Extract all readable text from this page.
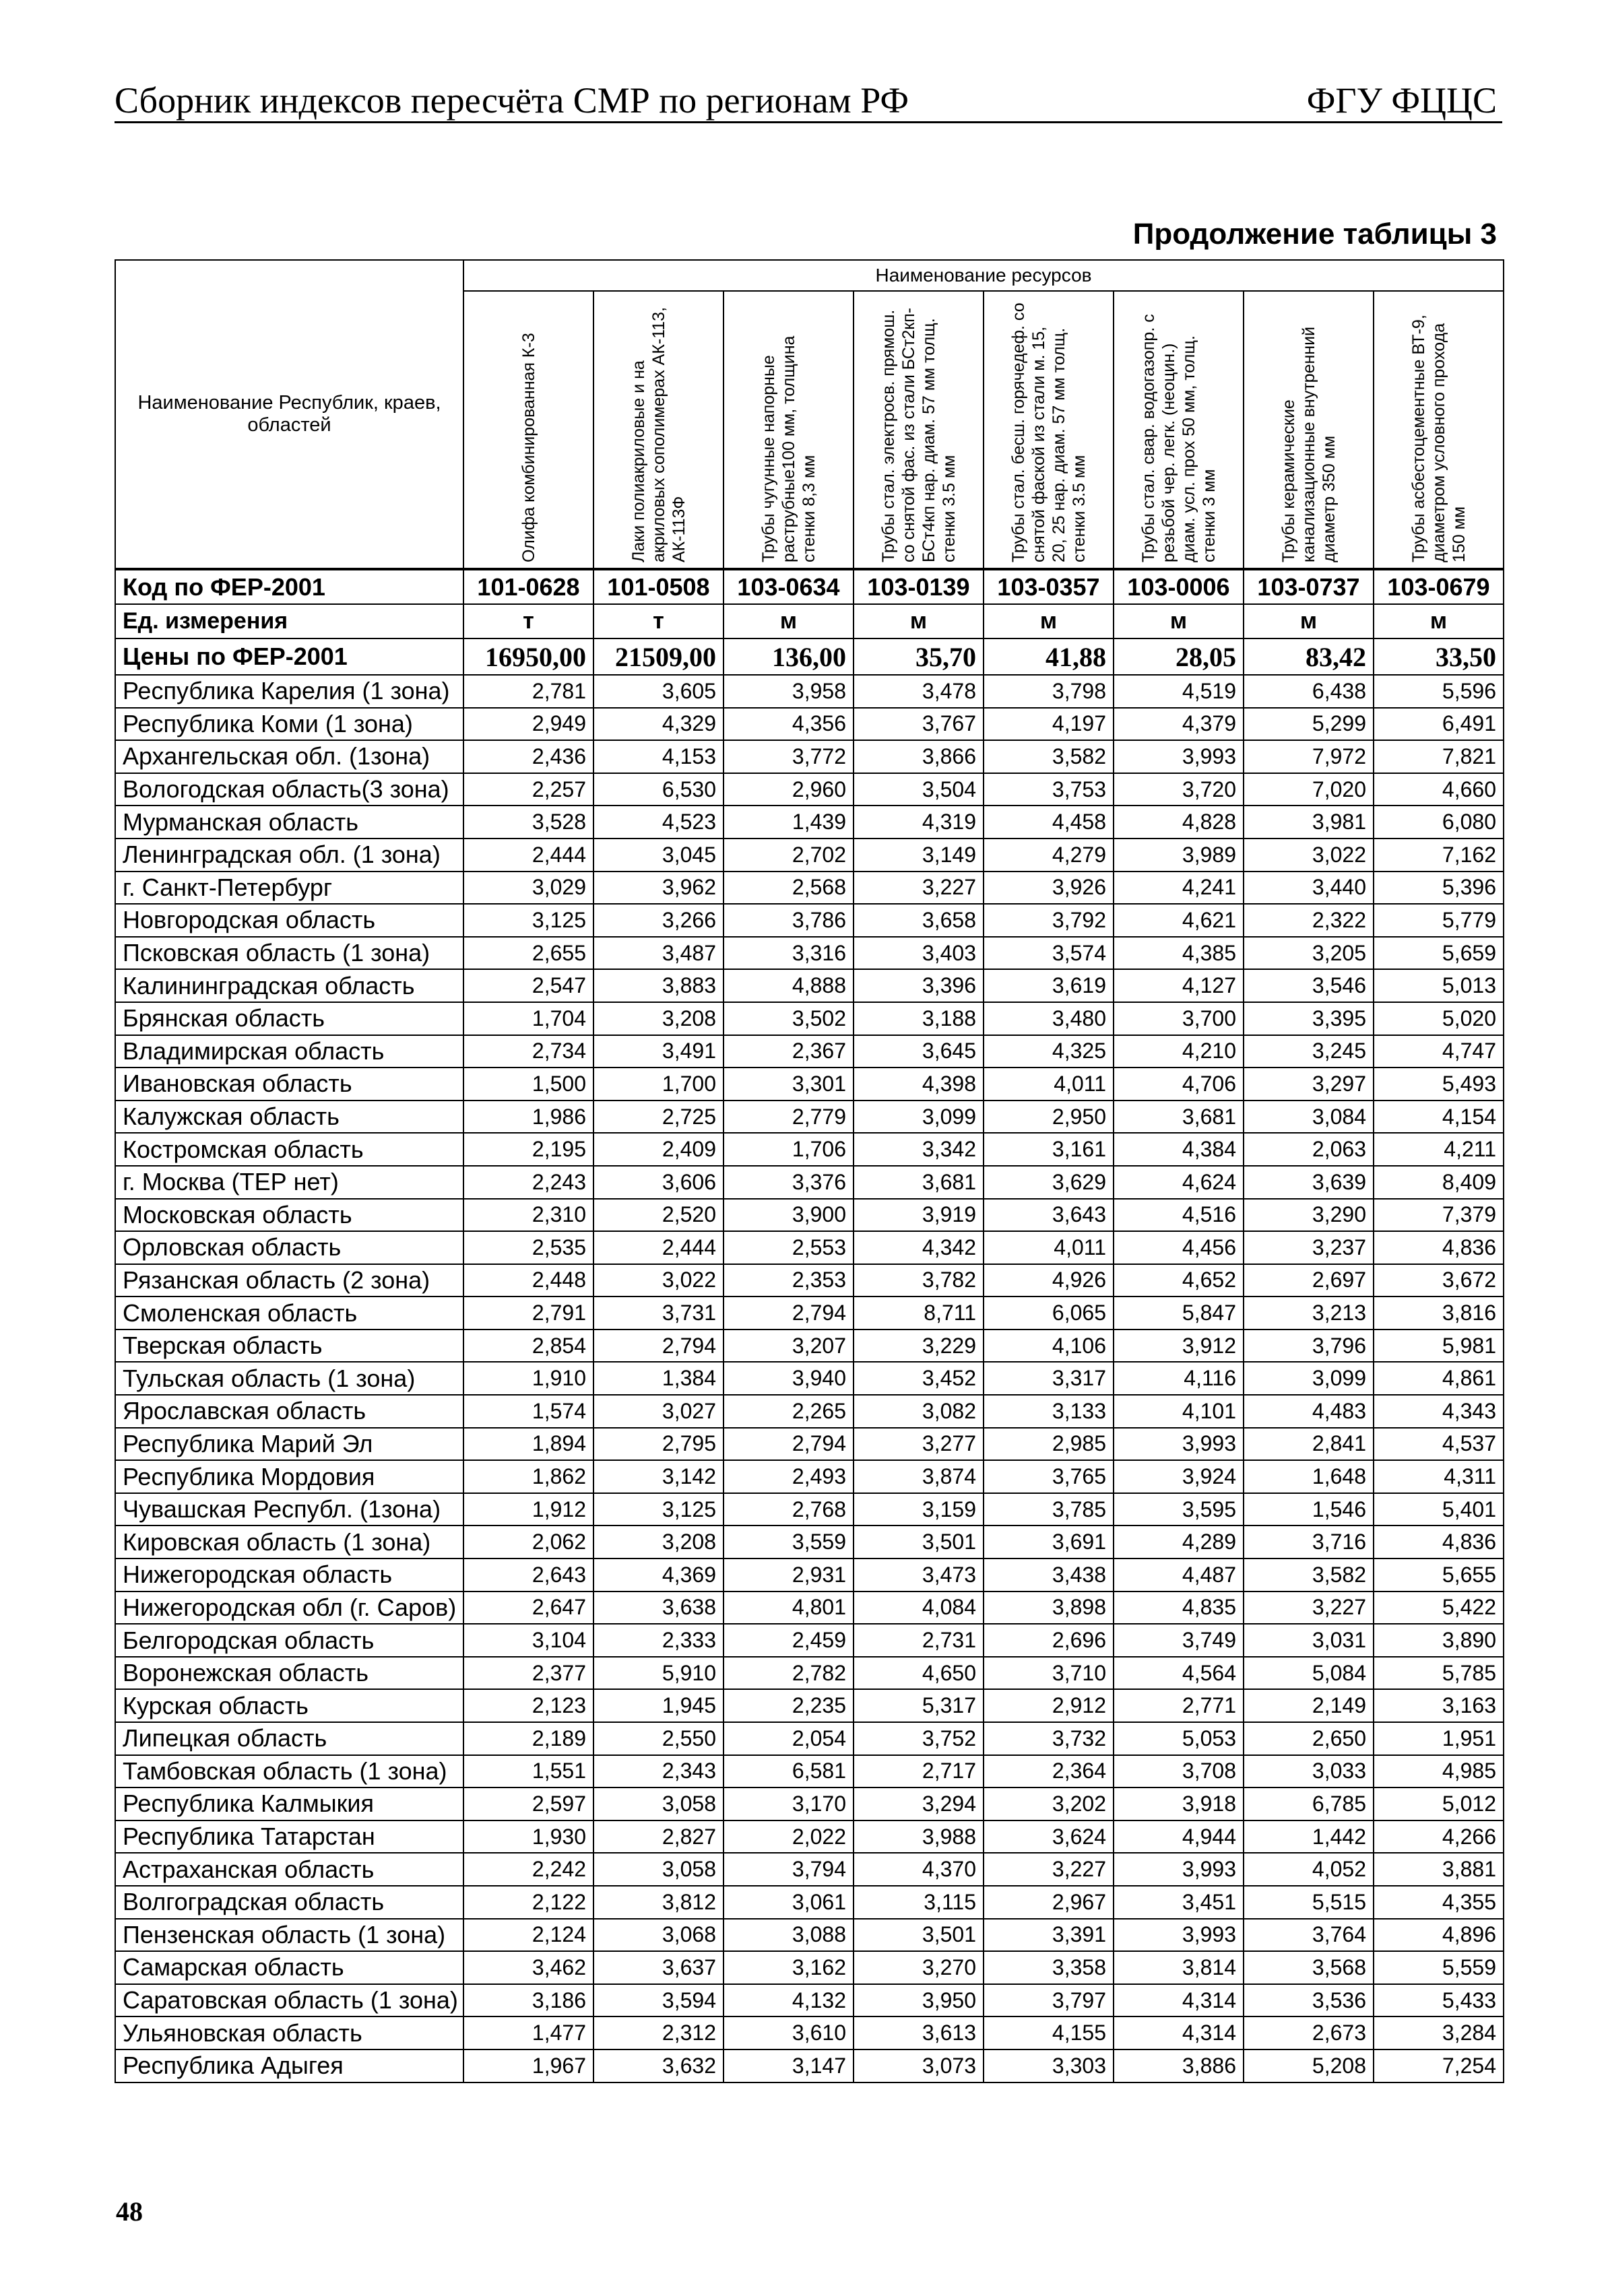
Сборник индексов пересчёта СМР по регионам РФ	ФГУ ФЦЦС
Продолжение таблицы 3
Наименование Республик, краев, областей	Наименование ресурсов							

	Олифа комбинированная К-3	Лаки полиакриловые и на акриловых сополимерах АК-113, АК-113Ф	Трубы чугунные напорные раструбные100 мм, толщина стенки 8,3 мм	Трубы стал. электросв. прямош. со снятой фас. из стали БСт2кп-БСт4кп нар. диам. 57 мм толщ. стенки 3.5 мм	Трубы стал. бесш. горячедеф. со снятой фаской из стали м. 15, 20, 25 нар. диам. 57 мм толщ. стенки 3.5 мм	Трубы стал. свар. водогазопр. с резьбой чер. легк. (неоцин.) диам. усл. прох 50 мм, толщ. стенки 3 мм	Трубы керамические канализационные внутренний диаметр 350 мм	Трубы асбестоцементные ВТ-9, диаметром условного прохода 150 мм

Код по ФЕР-2001	101-0628	101-0508	103-0634	103-0139	103-0357	103-0006	103-0737	103-0679
Ед. измерения	т	т	м	м	м	м	м	м
Цены по ФЕР-2001	16950,00	21509,00	136,00	35,70	41,88	28,05	83,42	33,50
Республика Карелия (1 зона)	2,781	3,605	3,958	3,478	3,798	4,519	6,438	5,596
Республика Коми (1 зона)	2,949	4,329	4,356	3,767	4,197	4,379	5,299	6,491
Архангельская обл. (1зона)	2,436	4,153	3,772	3,866	3,582	3,993	7,972	7,821
Вологодская область(3 зона)	2,257	6,530	2,960	3,504	3,753	3,720	7,020	4,660
Мурманская область	3,528	4,523	1,439	4,319	4,458	4,828	3,981	6,080
Ленинградская обл. (1 зона)	2,444	3,045	2,702	3,149	4,279	3,989	3,022	7,162
г. Санкт-Петербург	3,029	3,962	2,568	3,227	3,926	4,241	3,440	5,396
Новгородская область	3,125	3,266	3,786	3,658	3,792	4,621	2,322	5,779
Псковская область (1 зона)	2,655	3,487	3,316	3,403	3,574	4,385	3,205	5,659
Калининградская область	2,547	3,883	4,888	3,396	3,619	4,127	3,546	5,013
Брянская область	1,704	3,208	3,502	3,188	3,480	3,700	3,395	5,020
Владимирская область	2,734	3,491	2,367	3,645	4,325	4,210	3,245	4,747
Ивановская область	1,500	1,700	3,301	4,398	4,011	4,706	3,297	5,493
Калужская область	1,986	2,725	2,779	3,099	2,950	3,681	3,084	4,154
Костромская область	2,195	2,409	1,706	3,342	3,161	4,384	2,063	4,211
г. Москва (ТЕР нет)	2,243	3,606	3,376	3,681	3,629	4,624	3,639	8,409
Московская область	2,310	2,520	3,900	3,919	3,643	4,516	3,290	7,379
Орловская область	2,535	2,444	2,553	4,342	4,011	4,456	3,237	4,836
Рязанская область (2 зона)	2,448	3,022	2,353	3,782	4,926	4,652	2,697	3,672
Смоленская область	2,791	3,731	2,794	8,711	6,065	5,847	3,213	3,816
Тверская область	2,854	2,794	3,207	3,229	4,106	3,912	3,796	5,981
Тульская область (1 зона)	1,910	1,384	3,940	3,452	3,317	4,116	3,099	4,861
Ярославская область	1,574	3,027	2,265	3,082	3,133	4,101	4,483	4,343
Республика Марий Эл	1,894	2,795	2,794	3,277	2,985	3,993	2,841	4,537
Республика Мордовия	1,862	3,142	2,493	3,874	3,765	3,924	1,648	4,311
Чувашская Республ. (1зона)	1,912	3,125	2,768	3,159	3,785	3,595	1,546	5,401
Кировская область (1 зона)	2,062	3,208	3,559	3,501	3,691	4,289	3,716	4,836
Нижегородская область	2,643	4,369	2,931	3,473	3,438	4,487	3,582	5,655
Нижегородская обл (г. Саров)	2,647	3,638	4,801	4,084	3,898	4,835	3,227	5,422
Белгородская область	3,104	2,333	2,459	2,731	2,696	3,749	3,031	3,890
Воронежская область	2,377	5,910	2,782	4,650	3,710	4,564	5,084	5,785
Курская область	2,123	1,945	2,235	5,317	2,912	2,771	2,149	3,163
Липецкая область	2,189	2,550	2,054	3,752	3,732	5,053	2,650	1,951
Тамбовская область (1 зона)	1,551	2,343	6,581	2,717	2,364	3,708	3,033	4,985
Республика Калмыкия	2,597	3,058	3,170	3,294	3,202	3,918	6,785	5,012
Республика Татарстан	1,930	2,827	2,022	3,988	3,624	4,944	1,442	4,266
Астраханская область	2,242	3,058	3,794	4,370	3,227	3,993	4,052	3,881
Волгоградская область	2,122	3,812	3,061	3,115	2,967	3,451	5,515	4,355
Пензенская область (1 зона)	2,124	3,068	3,088	3,501	3,391	3,993	3,764	4,896
Самарская область	3,462	3,637	3,162	3,270	3,358	3,814	3,568	5,559
Саратовская область (1 зона)	3,186	3,594	4,132	3,950	3,797	4,314	3,536	5,433
Ульяновская область	1,477	2,312	3,610	3,613	4,155	4,314	2,673	3,284
Республика Адыгея	1,967	3,632	3,147	3,073	3,303	3,886	5,208	7,254
48
